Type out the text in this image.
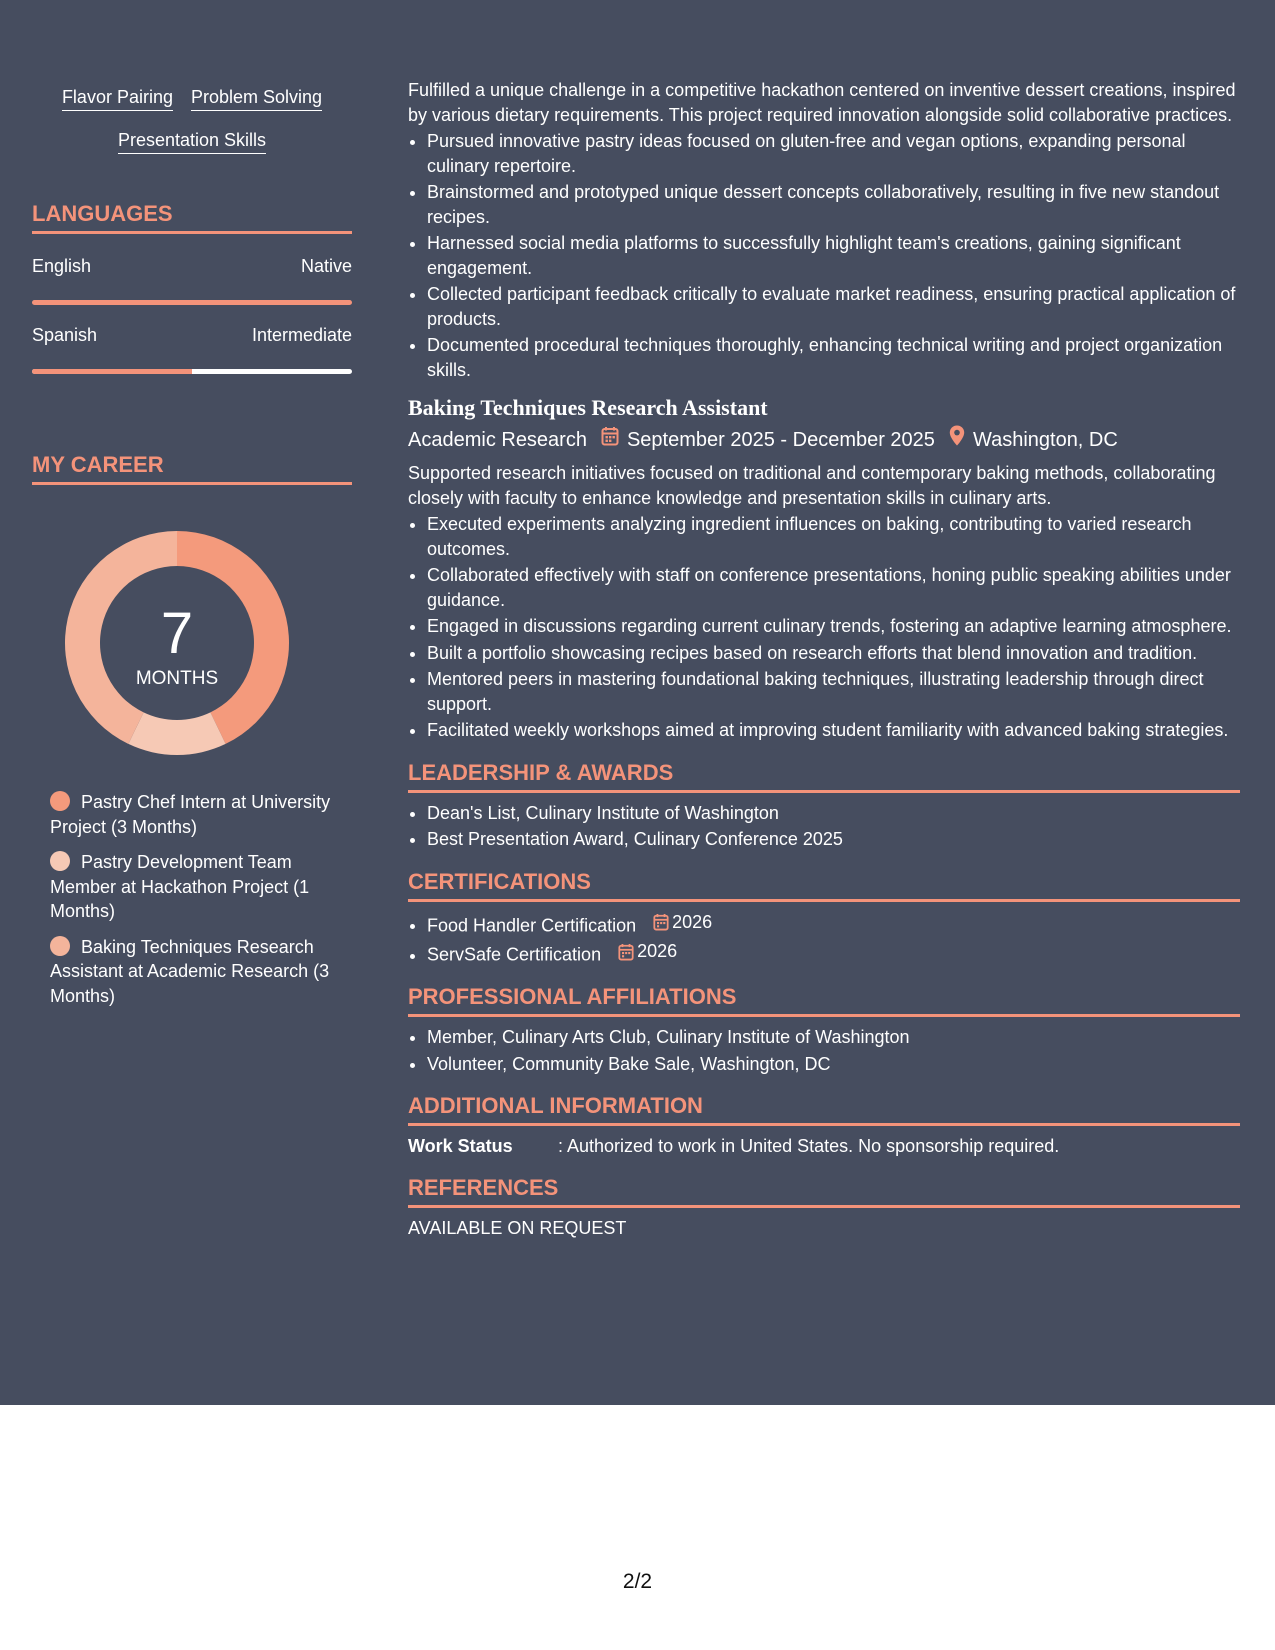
Flavor Pairing Problem Solving
Presentation Skills
LANGUAGES
English	Native
Spanish	Intermediate
MY CAREER
7
MONTHS
Pastry Chef Intern at University Project (3 Months)
Pastry Development Team Member at Hackathon Project (1 Months)
Baking Techniques Research Assistant at Academic Research (3 Months)

Fulfilled a unique challenge in a competitive hackathon centered on inventive dessert creations, inspired by various dietary requirements. This project required innovation alongside solid collaborative practices.

• Pursued innovative pastry ideas focused on gluten-free and vegan options, expanding personal culinary repertoire.
• Brainstormed and prototyped unique dessert concepts collaboratively, resulting in five new standout recipes.
• Harnessed social media platforms to successfully highlight team's creations, gaining significant engagement.
• Collected participant feedback critically to evaluate market readiness, ensuring practical application of products.
• Documented procedural techniques thoroughly, enhancing technical writing and project organization skills.
Baking Techniques Research Assistant
Academic Research September 2025 - December 2025 Washington, DC

Supported research initiatives focused on traditional and contemporary baking methods, collaborating closely with faculty to enhance knowledge and presentation skills in culinary arts.

• Executed experiments analyzing ingredient influences on baking, contributing to varied research outcomes.
• Collaborated effectively with staff on conference presentations, honing public speaking abilities under guidance.
• Engaged in discussions regarding current culinary trends, fostering an adaptive learning atmosphere.
• Built a portfolio showcasing recipes based on research efforts that blend innovation and tradition.
• Mentored peers in mastering foundational baking techniques, illustrating leadership through direct support.
• Facilitated weekly workshops aimed at improving student familiarity with advanced baking strategies.
LEADERSHIP & AWARDS
• Dean's List, Culinary Institute of Washington
• Best Presentation Award, Culinary Conference 2025
CERTIFICATIONS
• Food Handler Certification 2026
• ServSafe Certification 2026
PROFESSIONAL AFFILIATIONS
• Member, Culinary Arts Club, Culinary Institute of Washington
• Volunteer, Community Bake Sale, Washington, DC
ADDITIONAL INFORMATION
Work Status	: Authorized to work in United States. No sponsorship required.
REFERENCES
AVAILABLE ON REQUEST
2/2
